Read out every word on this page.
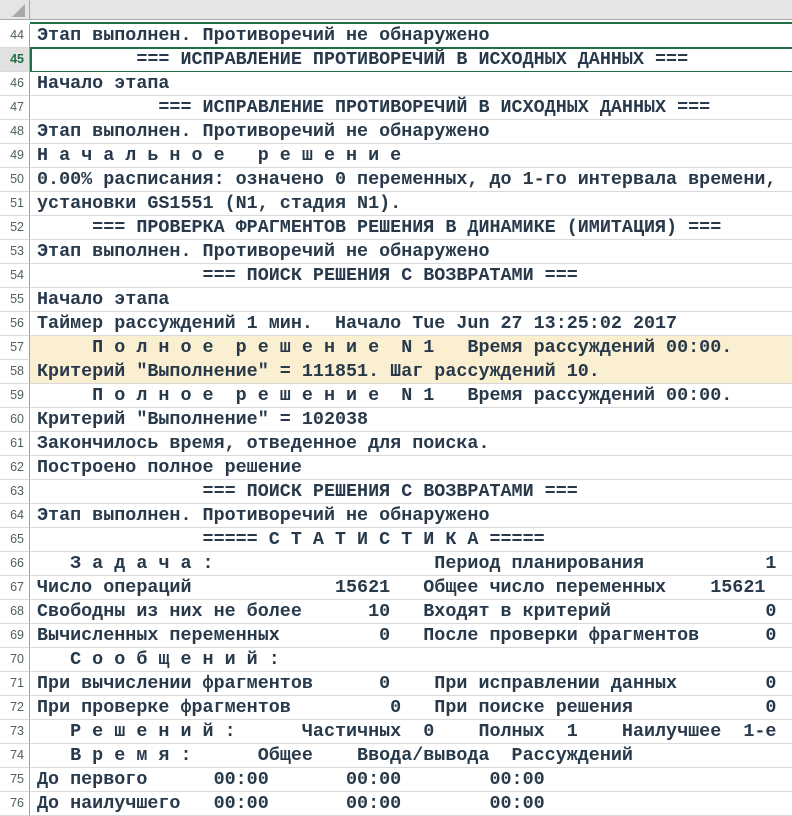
44 Этап выполнен. Противоречий не обнаружено
45 === ИСПРАВЛЕНИЕ ПРОТИВОРЕЧИЙ В ИСХОДНЫХ ДАННЫХ ===
46 Начало этапа
47 === ИСПРАВЛЕНИЕ ПРОТИВОРЕЧИЙ В ИСХОДНЫХ ДАННЫХ ===
48 Этап выполнен. Противоречий не обнаружено
49 Н а ч а л ь н о е   р е ш е н и е
50 0.00% расписания: означено 0 переменных, до 1-го интервала времени,
51 установки GS1551 (N1, стадия N1).
52 === ПРОВЕРКА ФРАГМЕНТОВ РЕШЕНИЯ В ДИНАМИКЕ (ИМИТАЦИЯ) ===
53 Этап выполнен. Противоречий не обнаружено
54 === ПОИСК РЕШЕНИЯ С ВОЗВРАТАМИ ===
55 Начало этапа
56 Таймер рассуждений 1 мин.  Начало Tue Jun 27 13:25:02 2017
57 П о л н о е  р е ш е н и е  N 1   Время рассуждений 00:00.
58 Критерий "Выполнение" = 111851. Шаг рассуждений 10.
59 П о л н о е  р е ш е н и е  N 1   Время рассуждений 00:00.
60 Критерий "Выполнение" = 102038
61 Закончилось время, отведенное для поиска.
62 Построено полное решение
63 === ПОИСК РЕШЕНИЯ С ВОЗВРАТАМИ ===
64 Этап выполнен. Противоречий не обнаружено
65 ===== С Т А Т И С Т И К А =====
66 З а д а ч а :                    Период планирования           1
67 Число операций             15621   Общее число переменных    15621
68 Свободны из них не более      10   Входят в критерий              0
69 Вычисленных переменных         0   После проверки фрагментов      0
70 С о о б щ е н и й :
71 При вычислении фрагментов      0    При исправлении данных        0
72 При проверке фрагментов         0   При поиске решения            0
73 Р е ш е н и й :      Частичных  0    Полных  1    Наилучшее  1-е
74 В р е м я :      Общее    Ввода/вывода  Рассуждений
75 До первого      00:00       00:00        00:00
76 До наилучшего   00:00       00:00        00:00
